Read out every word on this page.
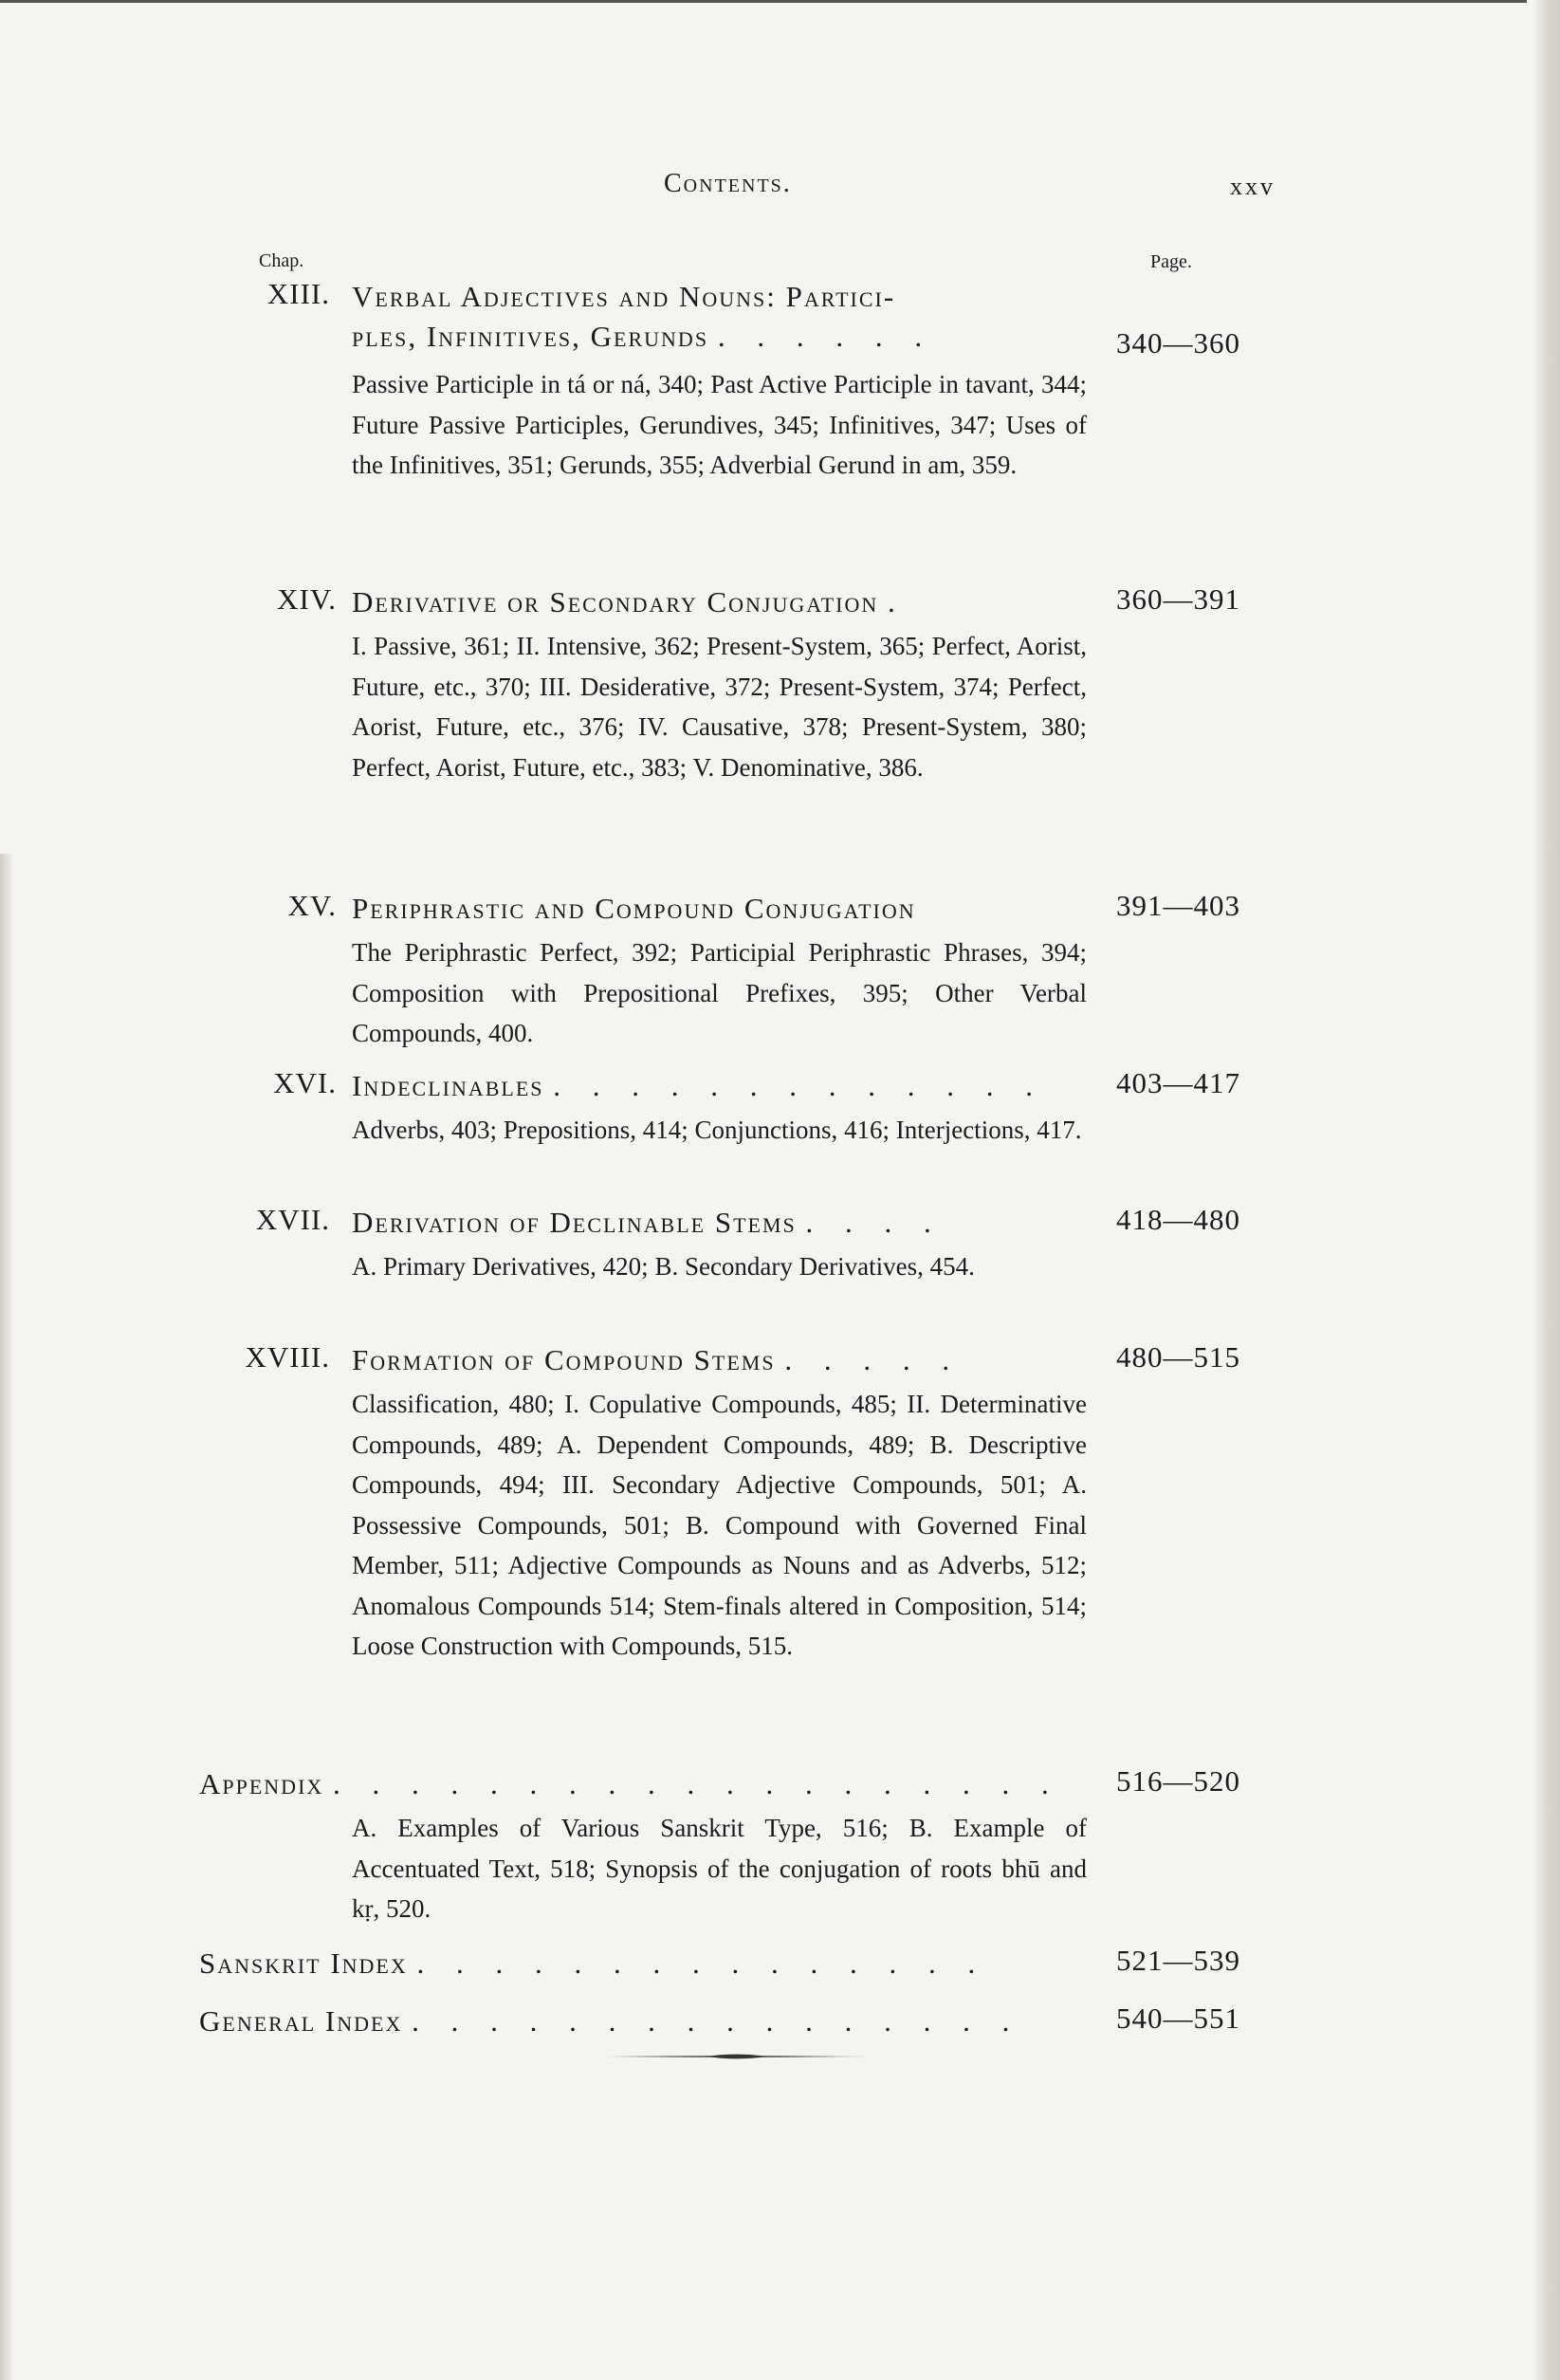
Contents.	xxv
Chap.	Page.
XIII. Verbal Adjectives and Nouns: Partici-
ples, Infinitives, Gerunds . . . . . .	340—360
Passive Participle in tá or ná, 340; Past Active Participle in tavant, 344; Future Passive Participles, Gerundives, 345; Infinitives, 347; Uses of the Infinitives, 351; Gerunds, 355; Adverbial Gerund in am, 359.
XIV. Derivative or Secondary Conjugation .	360—391
I. Passive, 361; II. Intensive, 362; Present-System, 365; Perfect, Aorist, Future, etc., 370; III. Desiderative, 372; Present-System, 374; Perfect, Aorist, Future, etc., 376; IV. Causative, 378; Present-System, 380; Perfect, Aorist, Future, etc., 383; V. Denominative, 386.
XV. Periphrastic and Compound Conjugation	391—403
The Periphrastic Perfect, 392; Participial Periphrastic Phrases, 394; Composition with Prepositional Prefixes, 395; Other Verbal Compounds, 400.
XVI. Indeclinables . . . . . . . . . . . . .	403—417
Adverbs, 403; Prepositions, 414; Conjunctions, 416; Interjections, 417.
XVII. Derivation of Declinable Stems . . . .	418—480
A. Primary Derivatives, 420; B. Secondary Derivatives, 454.
XVIII. Formation of Compound Stems . . . . .	480—515
Classification, 480; I. Copulative Compounds, 485; II. Determinative Compounds, 489; A. Dependent Compounds, 489; B. Descriptive Compounds, 494; III. Secondary Adjective Compounds, 501; A. Possessive Compounds, 501; B. Compound with Governed Final Member, 511; Adjective Compounds as Nouns and as Adverbs, 512; Anomalous Compounds 514; Stem-finals altered in Composition, 514; Loose Construction with Compounds, 515.
Appendix . . . . . . . . . . . . . . . . . . .	516—520
A. Examples of Various Sanskrit Type, 516; B. Example of Accentuated Text, 518; Synopsis of the conjugation of roots bhū and kṛ, 520.
Sanskrit Index . . . . . . . . . . . . . . .	521—539
General Index . . . . . . . . . . . . . . . .	540—551
